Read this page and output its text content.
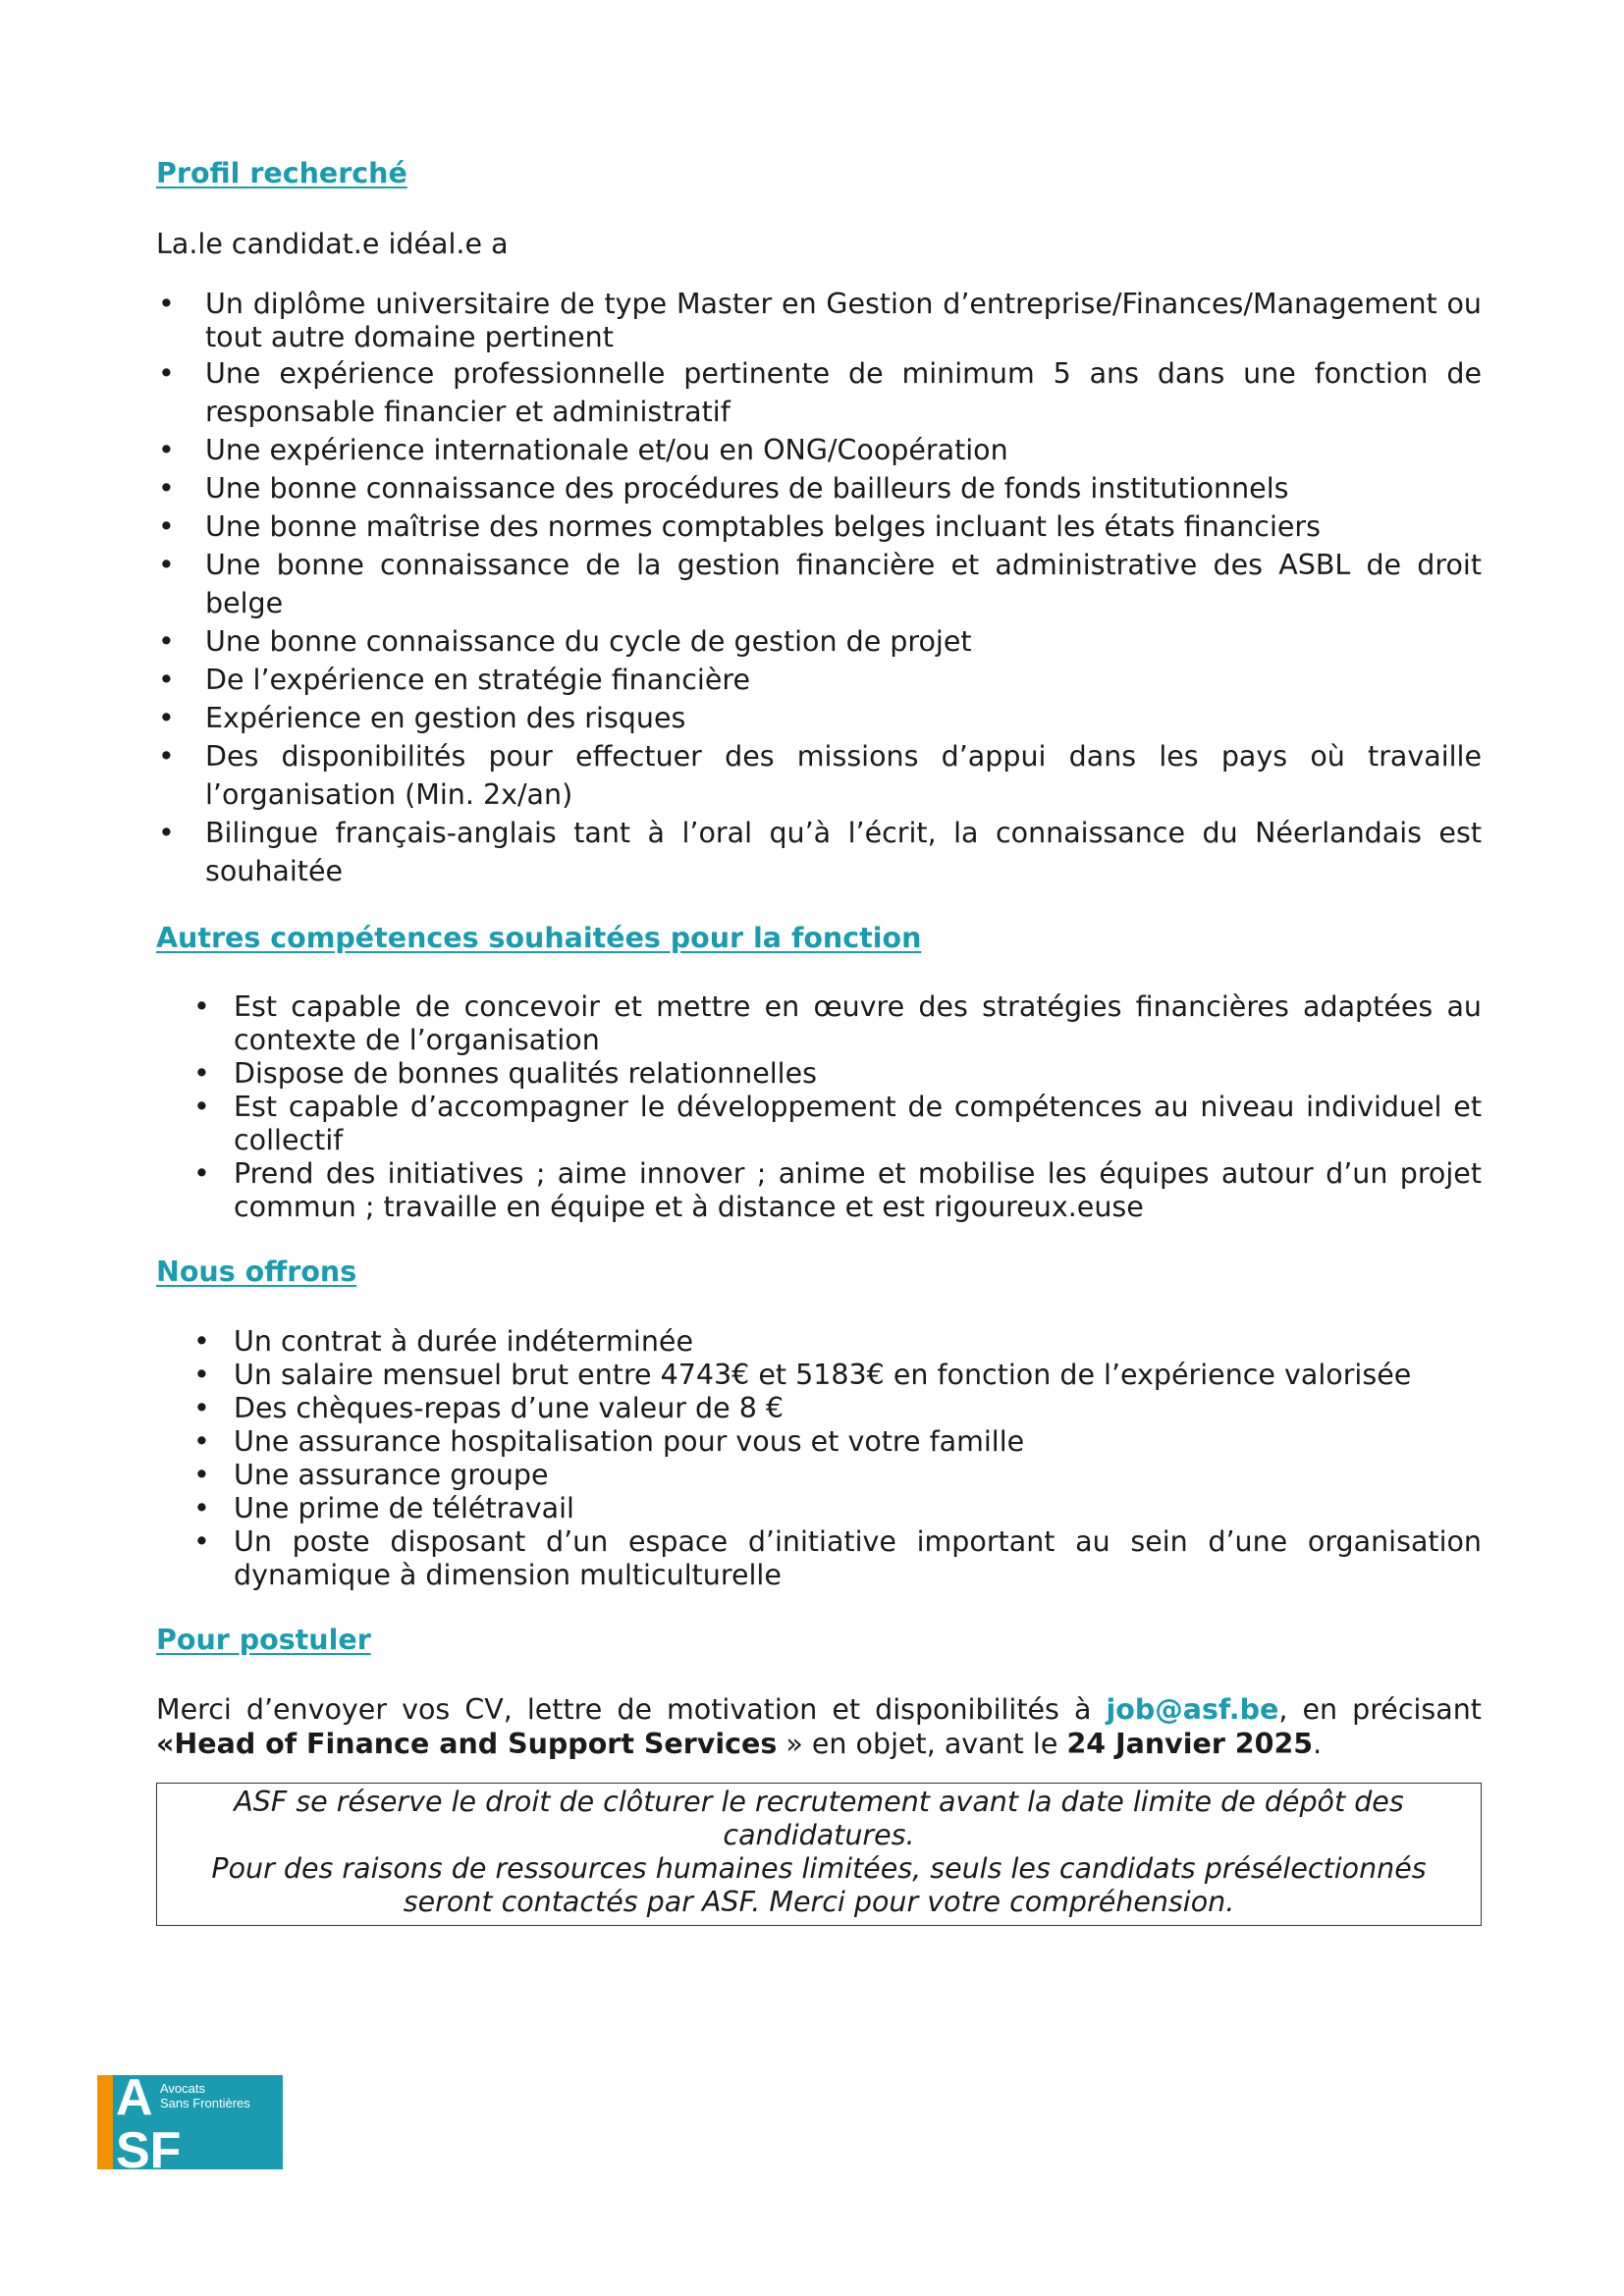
Profil recherché

La.le candidat.e idéal.e a

• Un diplôme universitaire de type Master en Gestion d’entreprise/Finances/Management ou tout autre domaine pertinent
• Une expérience professionnelle pertinente de minimum 5 ans dans une fonction de responsable financier et administratif
• Une expérience internationale et/ou en ONG/Coopération
• Une bonne connaissance des procédures de bailleurs de fonds institutionnels
• Une bonne maîtrise des normes comptables belges incluant les états financiers
• Une bonne connaissance de la gestion financière et administrative des ASBL de droit belge
• Une bonne connaissance du cycle de gestion de projet
• De l’expérience en stratégie financière
• Expérience en gestion des risques
• Des disponibilités pour effectuer des missions d’appui dans les pays où travaille l’organisation (Min. 2x/an)
• Bilingue français-anglais tant à l’oral qu’à l’écrit, la connaissance du Néerlandais est souhaitée
Autres compétences souhaitées pour la fonction
• Est capable de concevoir et mettre en œuvre des stratégies financières adaptées au contexte de l’organisation
• Dispose de bonnes qualités relationnelles
• Est capable d’accompagner le développement de compétences au niveau individuel et collectif
• Prend des initiatives ; aime innover ; anime et mobilise les équipes autour d’un projet commun ; travaille en équipe et à distance et est rigoureux.euse
Nous offrons
• Un contrat à durée indéterminée
• Un salaire mensuel brut entre 4743€ et 5183€ en fonction de l’expérience valorisée
• Des chèques-repas d’une valeur de 8 €
• Une assurance hospitalisation pour vous et votre famille
• Une assurance groupe
• Une prime de télétravail
• Un poste disposant d’un espace d’initiative important au sein d’une organisation dynamique à dimension multiculturelle
Pour postuler

Merci d’envoyer vos CV, lettre de motivation et disponibilités à job@asf.be, en précisant «Head of Finance and Support Services » en objet, avant le 24 Janvier 2025.

ASF se réserve le droit de clôturer le recrutement avant la date limite de dépôt des candidatures.
Pour des raisons de ressources humaines limitées, seuls les candidats présélectionnés seront contactés par ASF. Merci pour votre compréhension.
A
SF
Avocats
Sans Frontières
